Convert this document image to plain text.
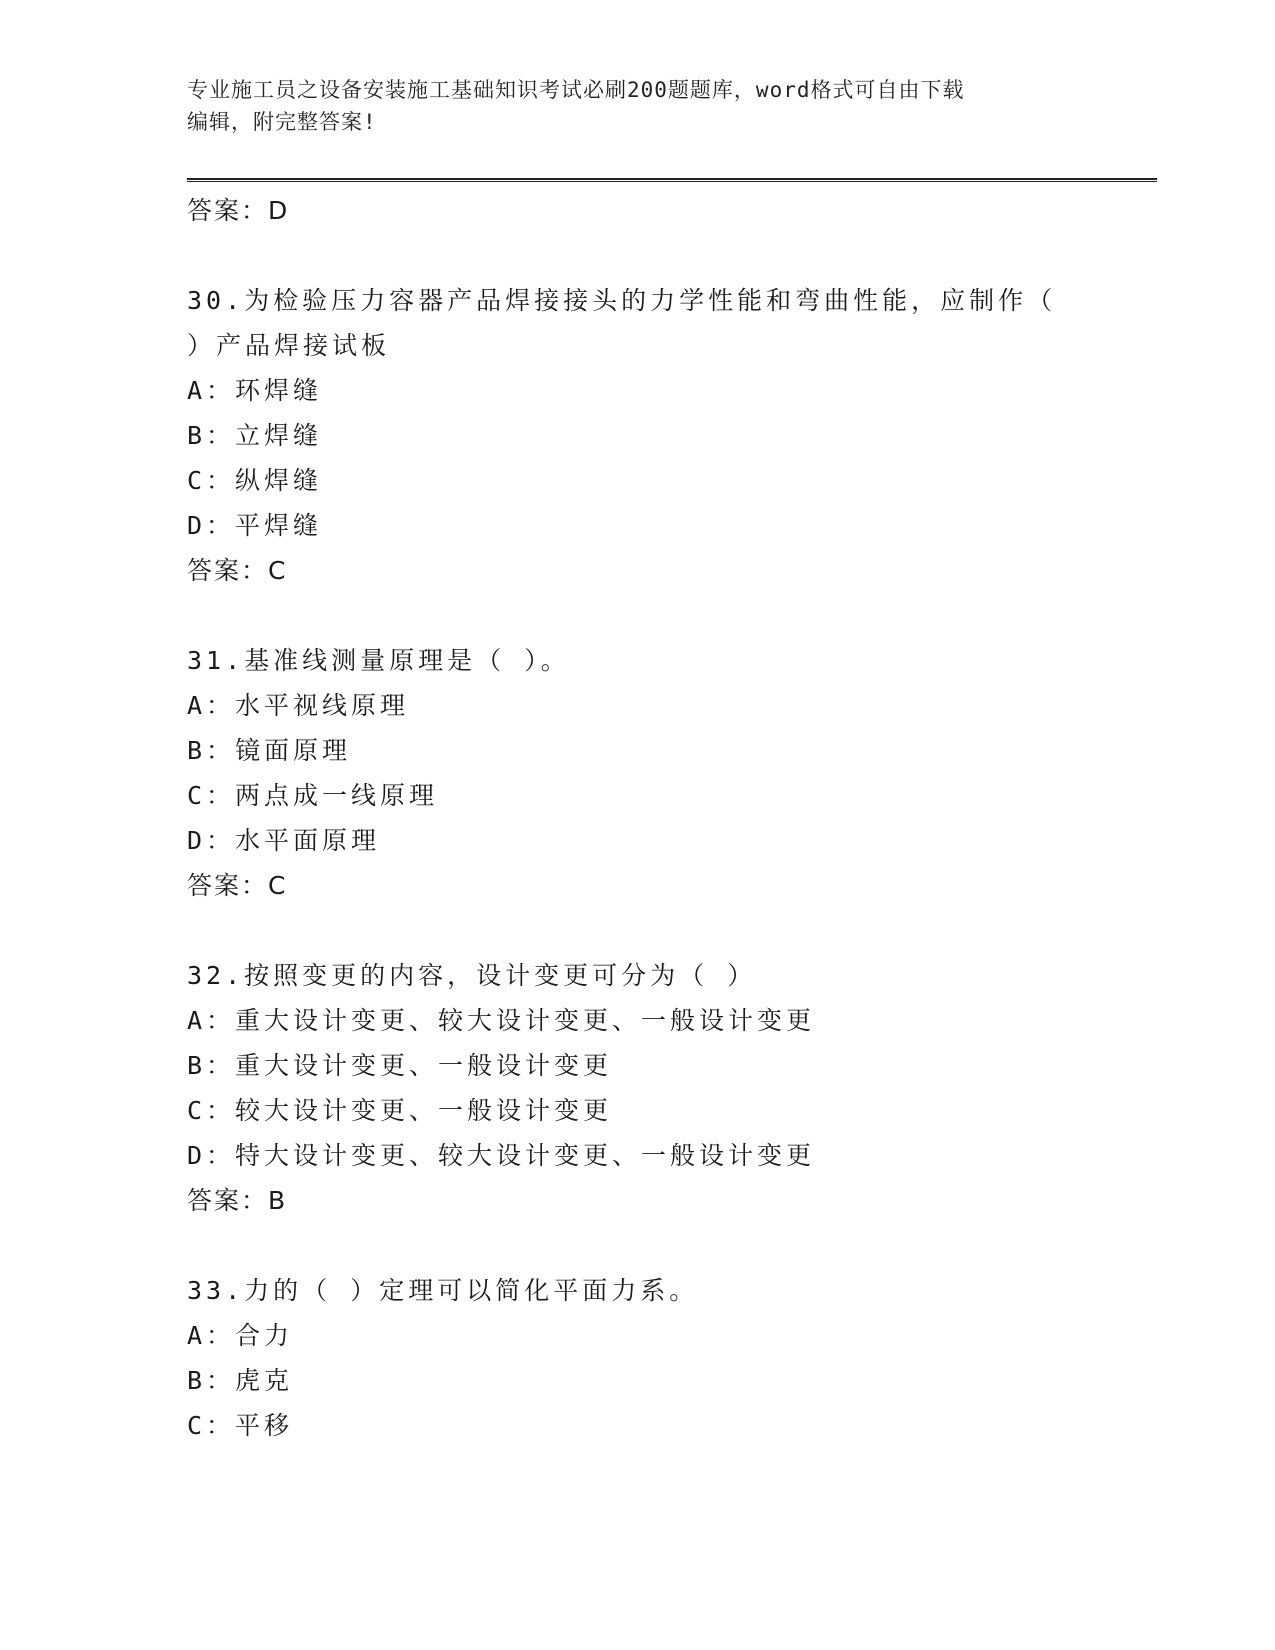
专业施工员之设备安装施工基础知识考试必刷200题题库，word格式可自由下载
编辑，附完整答案!
答案：D
30.为检验压力容器产品焊接接头的力学性能和弯曲性能，应制作（
）产品焊接试板
A：环焊缝
B：立焊缝
C：纵焊缝
D：平焊缝
答案：C
31.基准线测量原理是（ ）。
A：水平视线原理
B：镜面原理
C：两点成一线原理
D：水平面原理
答案：C
32.按照变更的内容，设计变更可分为（ ）
A：重大设计变更、较大设计变更、一般设计变更
B：重大设计变更、一般设计变更
C：较大设计变更、一般设计变更
D：特大设计变更、较大设计变更、一般设计变更
答案：B
33.力的（ ）定理可以简化平面力系。
A：合力
B：虎克
C：平移
